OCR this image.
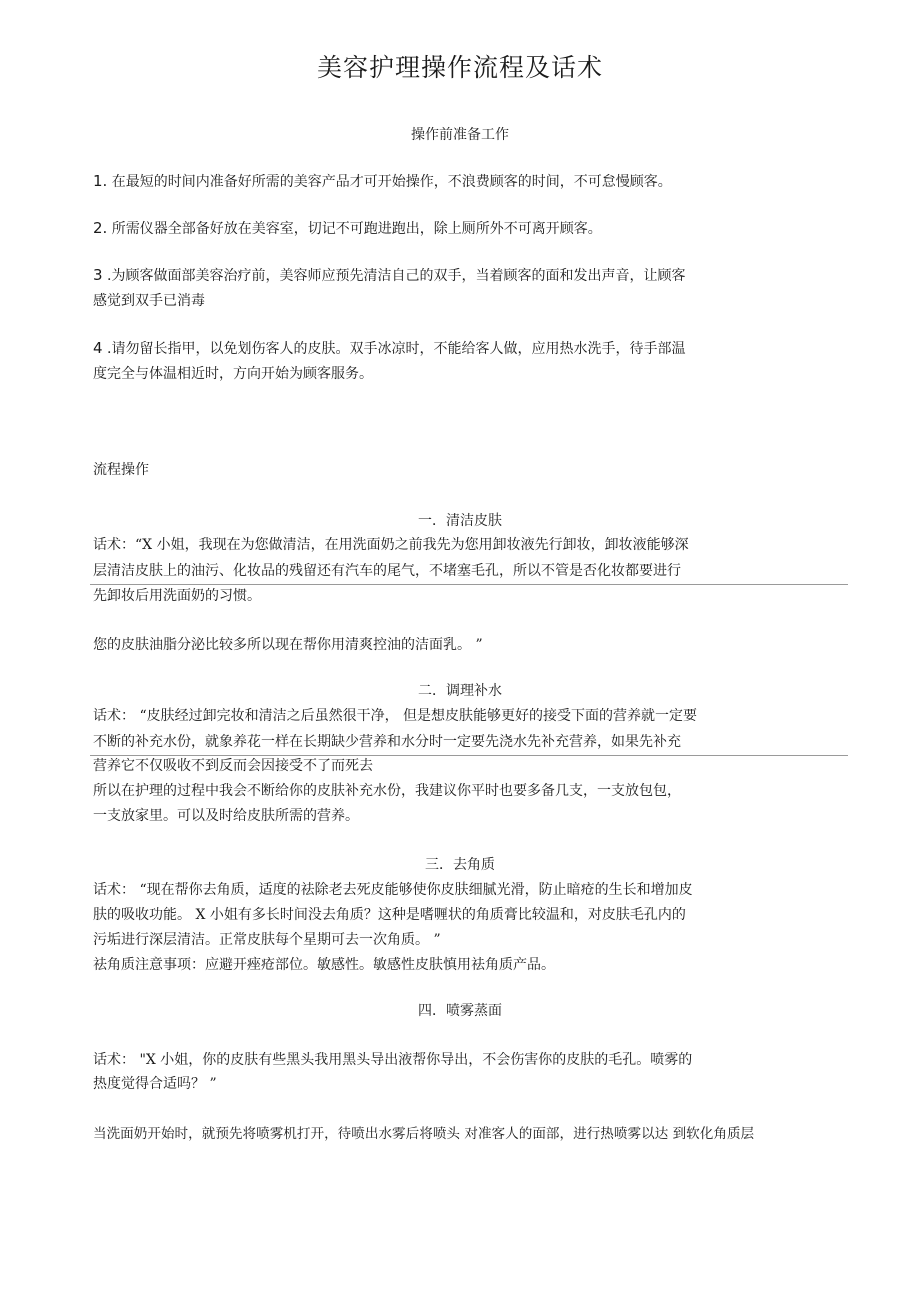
美容护理操作流程及话术
操作前准备工作
1. 在最短的时间内准备好所需的美容产品才可开始操作，不浪费顾客的时间，不可怠慢顾客。
2. 所需仪器全部备好放在美容室，切记不可跑进跑出，除上厕所外不可离开顾客。
3 .为顾客做面部美容治疗前，美容师应预先清洁自己的双手，当着顾客的面和发出声音，让顾客
感觉到双手已消毒
4 .请勿留长指甲，以免划伤客人的皮肤。双手冰凉时，不能给客人做，应用热水洗手，待手部温
度完全与体温相近时，方向开始为顾客服务。
流程操作
一．清洁皮肤
话术：“X 小姐，我现在为您做清洁，在用洗面奶之前我先为您用卸妆液先行卸妆，卸妆液能够深
层清洁皮肤上的油污、化妆品的残留还有汽车的尾气，不堵塞毛孔，所以不管是否化妆都要进行
先卸妆后用洗面奶的习惯。
您的皮肤油脂分泌比较多所以现在帮你用清爽控油的洁面乳。 ”
二．调理补水
话术： “皮肤经过卸完妆和清洁之后虽然很干净， 但是想皮肤能够更好的接受下面的营养就一定要
不断的补充水份，就象养花一样在长期缺少营养和水分时一定要先浇水先补充营养，如果先补充
营养它不仅吸收不到反而会因接受不了而死去
所以在护理的过程中我会不断给你的皮肤补充水份，我建议你平时也要多备几支，一支放包包，
一支放家里。可以及时给皮肤所需的营养。
三．去角质
话术： “现在帮你去角质，适度的祛除老去死皮能够使你皮肤细腻光滑，防止暗疮的生长和增加皮
肤的吸收功能。 X 小姐有多长时间没去角质？这种是嗜喱状的角质膏比较温和，对皮肤毛孔内的
污垢进行深层清洁。正常皮肤每个星期可去一次角质。 ”
祛角质注意事项：应避开痤疮部位。敏感性。敏感性皮肤慎用祛角质产品。
四．喷雾蒸面
话术： "X 小姐，你的皮肤有些黑头我用黑头导出液帮你导出，不会伤害你的皮肤的毛孔。喷雾的
热度觉得合适吗？ ”
当洗面奶开始时，就预先将喷雾机打开，待喷出水雾后将喷头 对准客人的面部，进行热喷雾以达 到软化角质层
